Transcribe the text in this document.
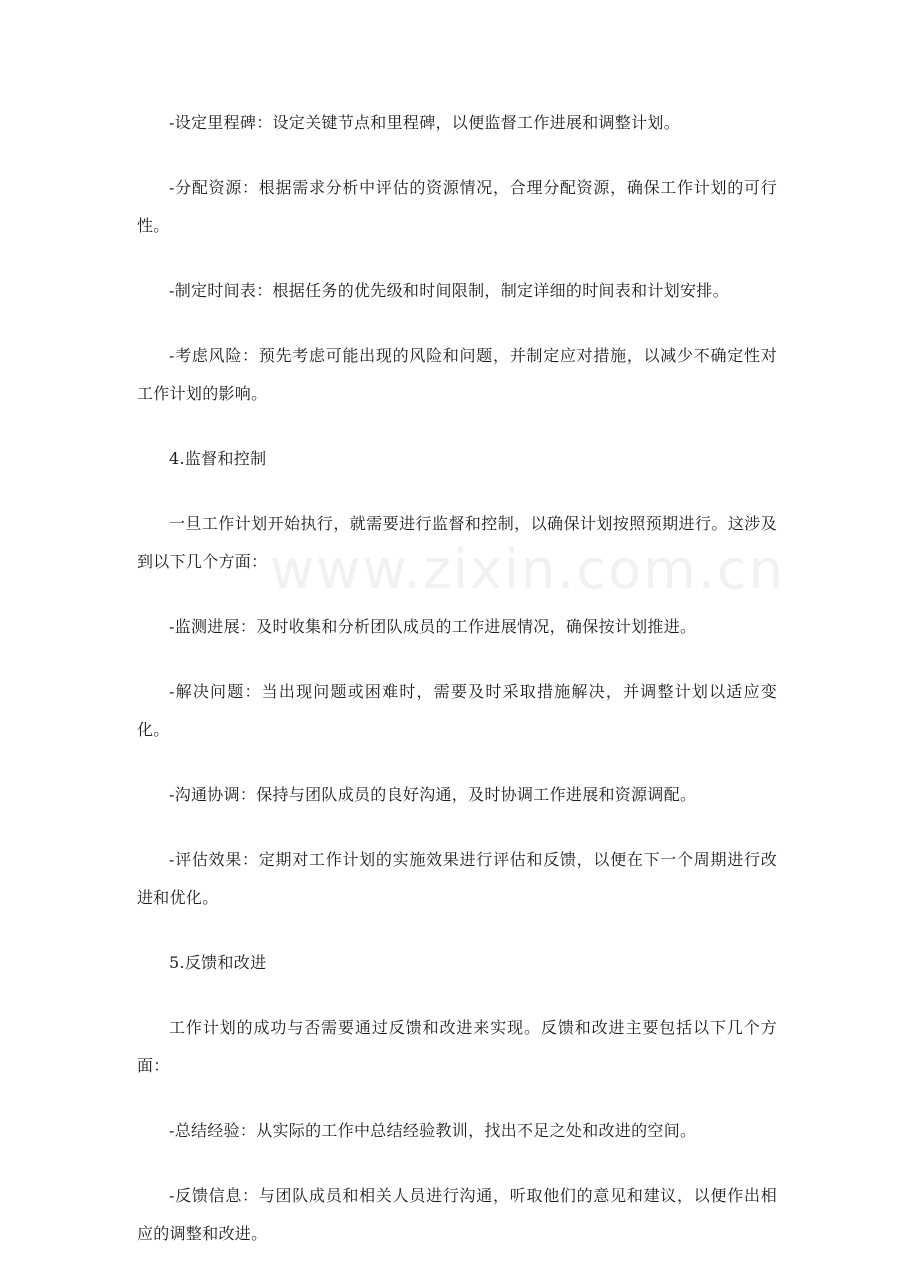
-设定里程碑：设定关键节点和里程碑，以便监督工作进展和调整计划。

-分配资源：根据需求分析中评估的资源情况，合理分配资源，确保工作计划的可行性。

-制定时间表：根据任务的优先级和时间限制，制定详细的时间表和计划安排。

-考虑风险：预先考虑可能出现的风险和问题，并制定应对措施，以减少不确定性对工作计划的影响。

4.监督和控制

一旦工作计划开始执行，就需要进行监督和控制，以确保计划按照预期进行。这涉及到以下几个方面：

-监测进展：及时收集和分析团队成员的工作进展情况，确保按计划推进。

-解决问题：当出现问题或困难时，需要及时采取措施解决，并调整计划以适应变化。

-沟通协调：保持与团队成员的良好沟通，及时协调工作进展和资源调配。

-评估效果：定期对工作计划的实施效果进行评估和反馈，以便在下一个周期进行改进和优化。

5.反馈和改进

工作计划的成功与否需要通过反馈和改进来实现。反馈和改进主要包括以下几个方面：

-总结经验：从实际的工作中总结经验教训，找出不足之处和改进的空间。

-反馈信息：与团队成员和相关人员进行沟通，听取他们的意见和建议，以便作出相应的调整和改进。

www.zixin.com.cn
